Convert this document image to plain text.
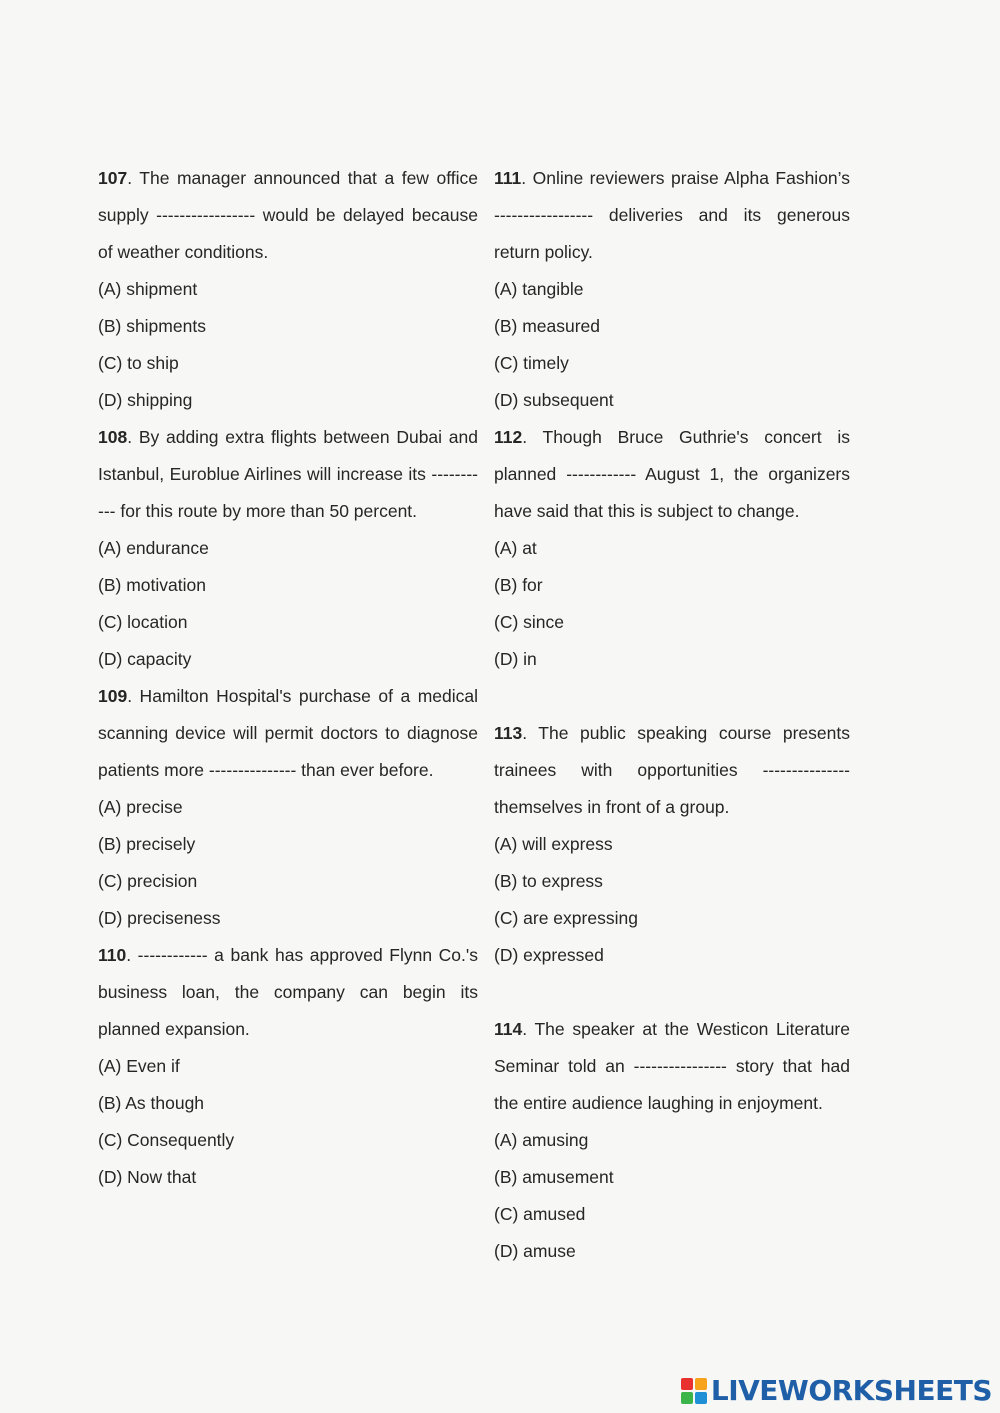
107. The manager announced that a few office supply ----------------- would be delayed because of weather conditions.

(A) shipment

(B) shipments

(C) to ship

(D) shipping

108. By adding extra flights between Dubai and Istanbul, Euroblue Airlines will increase its ----------- for this route by more than 50 percent.

(A) endurance

(B) motivation

(C) location

(D) capacity

109. Hamilton Hospital's purchase of a medical scanning device will permit doctors to diagnose patients more --------------- than ever before.

(A) precise

(B) precisely

(C) precision

(D) preciseness

110. ------------ a bank has approved Flynn Co.'s business loan, the company can begin its planned expansion.

(A) Even if

(B) As though

(C) Consequently

(D) Now that

111. Online reviewers praise Alpha Fashion’s ----------------- deliveries and its generous return policy.

(A) tangible

(B) measured

(C) timely

(D) subsequent

112. Though Bruce Guthrie's concert is planned ------------ August 1, the organizers have said that this is subject to change.

(A) at

(B) for

(C) since

(D) in

113. The public speaking course presents trainees with opportunities --------------- themselves in front of a group.

(A) will express

(B) to express

(C) are expressing

(D) expressed

114. The speaker at the Westicon Literature Seminar told an ---------------- story that had the entire audience laughing in enjoyment.

(A) amusing

(B) amusement

(C) amused

(D) amuse

LIVEWORKSHEETS
